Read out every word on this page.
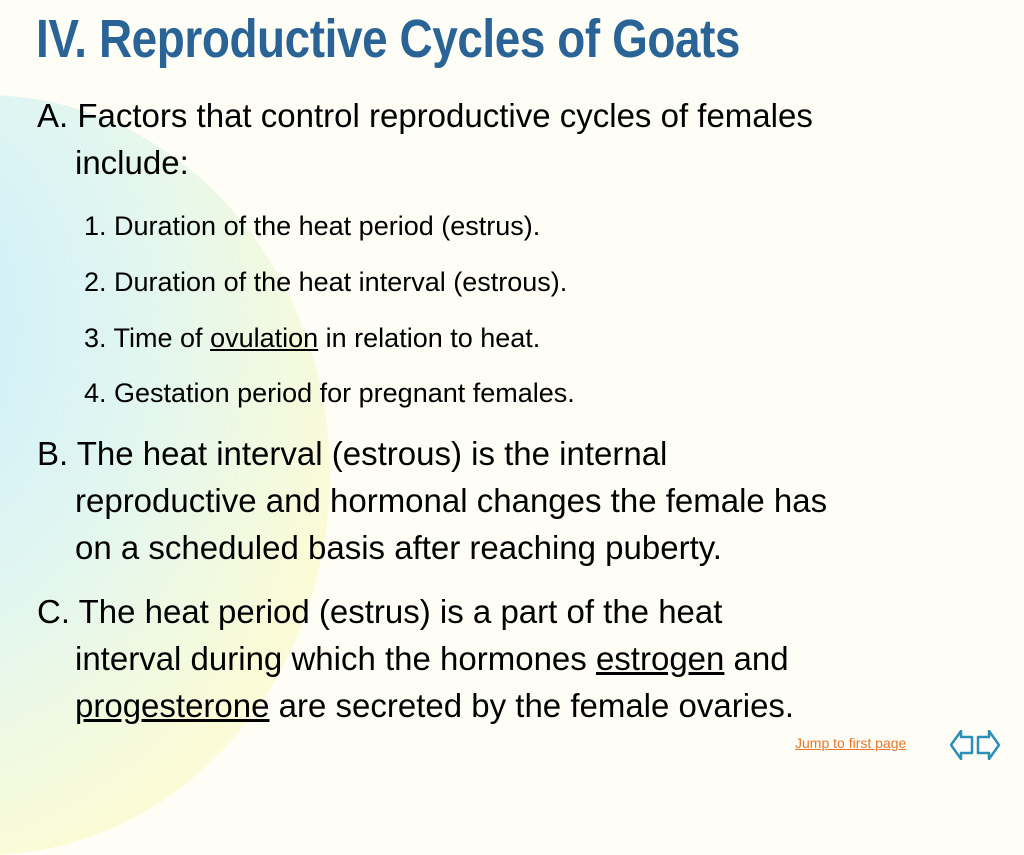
IV. Reproductive Cycles of Goats
A. Factors that control reproductive cycles of females
include:

1. Duration of the heat period (estrus).

2. Duration of the heat interval (estrous).

3. Time of ovulation in relation to heat.

4. Gestation period for pregnant females.

B. The heat interval (estrous) is the internal
reproductive and hormonal changes the female has
on a scheduled basis after reaching puberty.
C. The heat period (estrus) is a part of the heat
interval during which the hormones estrogen and
progesterone are secreted by the female ovaries.
Jump to first page
